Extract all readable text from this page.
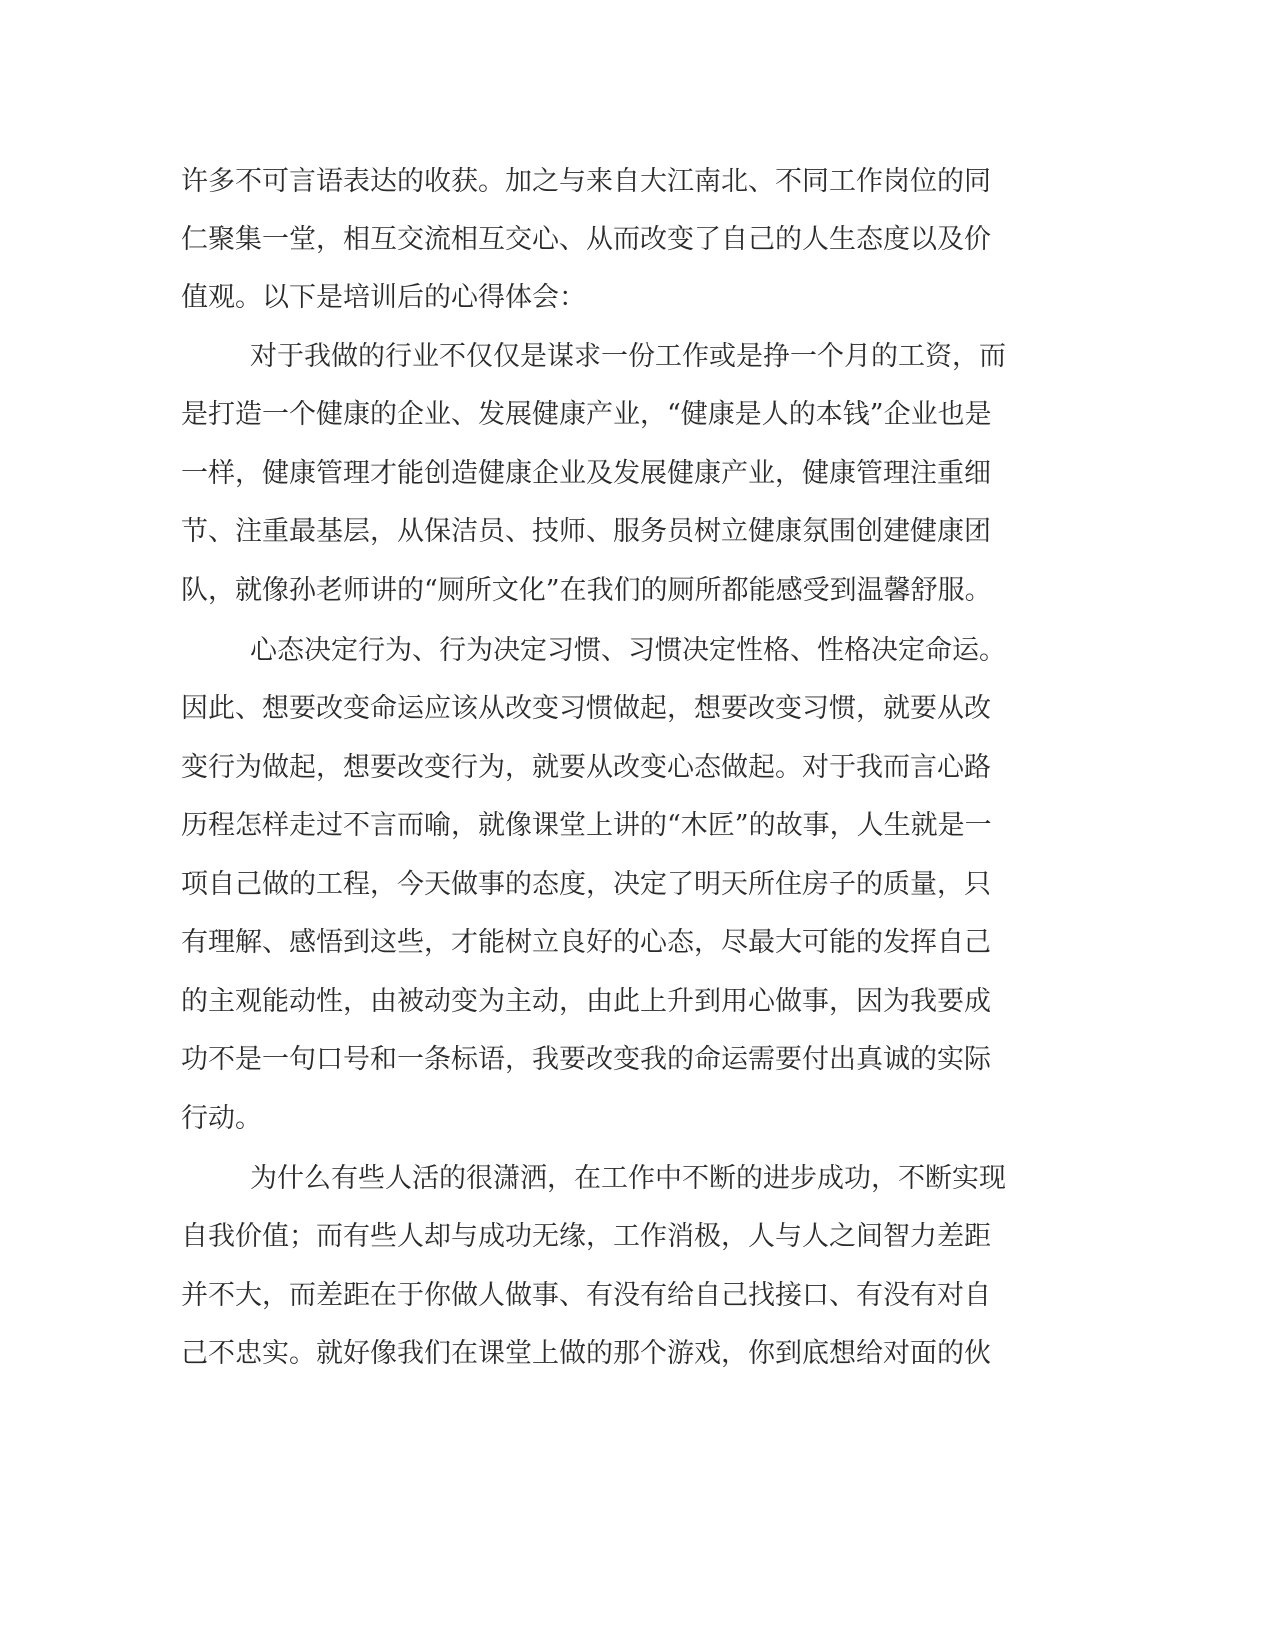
许多不可言语表达的收获。加之与来自大江南北、不同工作岗位的同

仁聚集一堂，相互交流相互交心、从而改变了自己的人生态度以及价

值观。以下是培训后的心得体会：

对于我做的行业不仅仅是谋求一份工作或是挣一个月的工资，而

是打造一个健康的企业、发展健康产业，“健康是人的本钱”企业也是

一样，健康管理才能创造健康企业及发展健康产业，健康管理注重细

节、注重最基层，从保洁员、技师、服务员树立健康氛围创建健康团

队，就像孙老师讲的“厕所文化”在我们的厕所都能感受到温馨舒服。

心态决定行为、行为决定习惯、习惯决定性格、性格决定命运。

因此、想要改变命运应该从改变习惯做起，想要改变习惯，就要从改

变行为做起，想要改变行为，就要从改变心态做起。对于我而言心路

历程怎样走过不言而喻，就像课堂上讲的“木匠”的故事，人生就是一

项自己做的工程，今天做事的态度，决定了明天所住房子的质量，只

有理解、感悟到这些，才能树立良好的心态，尽最大可能的发挥自己

的主观能动性，由被动变为主动，由此上升到用心做事，因为我要成

功不是一句口号和一条标语，我要改变我的命运需要付出真诚的实际

行动。

为什么有些人活的很潇洒，在工作中不断的进步成功，不断实现

自我价值；而有些人却与成功无缘，工作消极，人与人之间智力差距

并不大，而差距在于你做人做事、有没有给自己找接口、有没有对自

己不忠实。就好像我们在课堂上做的那个游戏，你到底想给对面的伙
